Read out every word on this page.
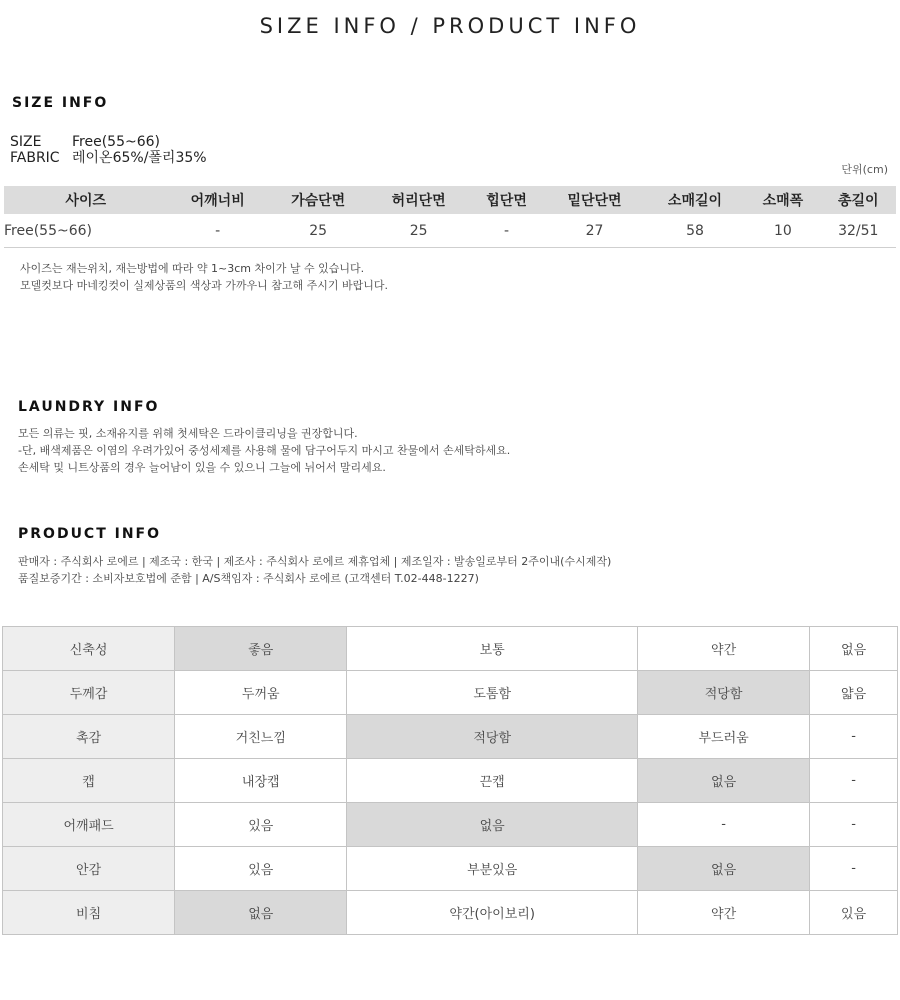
SIZE INFO / PRODUCT INFO
SIZE INFO
SIZE	Free(55~66)
FABRIC 레이온65%/폴리35%
단위(cm)
사이즈	어깨너비	가슴단면	허리단면	힙단면	밑단단면	소매길이	소매폭	총길이
Free(55~66)	-	25	25	-	27	58	10	32/51

사이즈는 재는위치, 재는방법에 따라 약 1~3cm 차이가 날 수 있습니다.

모델컷보다 마네킹컷이 실제상품의 색상과 가까우니 참고해 주시기 바랍니다.

LAUNDRY INFO

모든 의류는 핏, 소재유지를 위해 첫세탁은 드라이클리닝을 권장합니다.

-단, 배색제품은 이염의 우려가있어 중성세제를 사용해 물에 담구어두지 마시고 찬물에서 손세탁하세요.

손세탁 및 니트상품의 경우 늘어남이 있을 수 있으니 그늘에 뉘어서 말리세요.

PRODUCT INFO

판매자 : 주식회사 로에르 | 제조국 : 한국 | 제조사 : 주식회사 로에르 제휴업체 | 제조일자 : 발송일로부터 2주이내(수시제작)

품질보증기간 : 소비자보호법에 준함 | A/S책임자 : 주식회사 로에르 (고객센터 T.02-448-1227)

신축성	좋음	보통	약간	없음
두께감	두꺼움	도톰함	적당함	얇음
촉감	거친느낌	적당함	부드러움	-
캡	내장캡	끈캡	없음	-
어깨패드	있음	없음	-	-
안감	있음	부분있음	없음	-
비침	없음	약간(아이보리)	약간	있음
